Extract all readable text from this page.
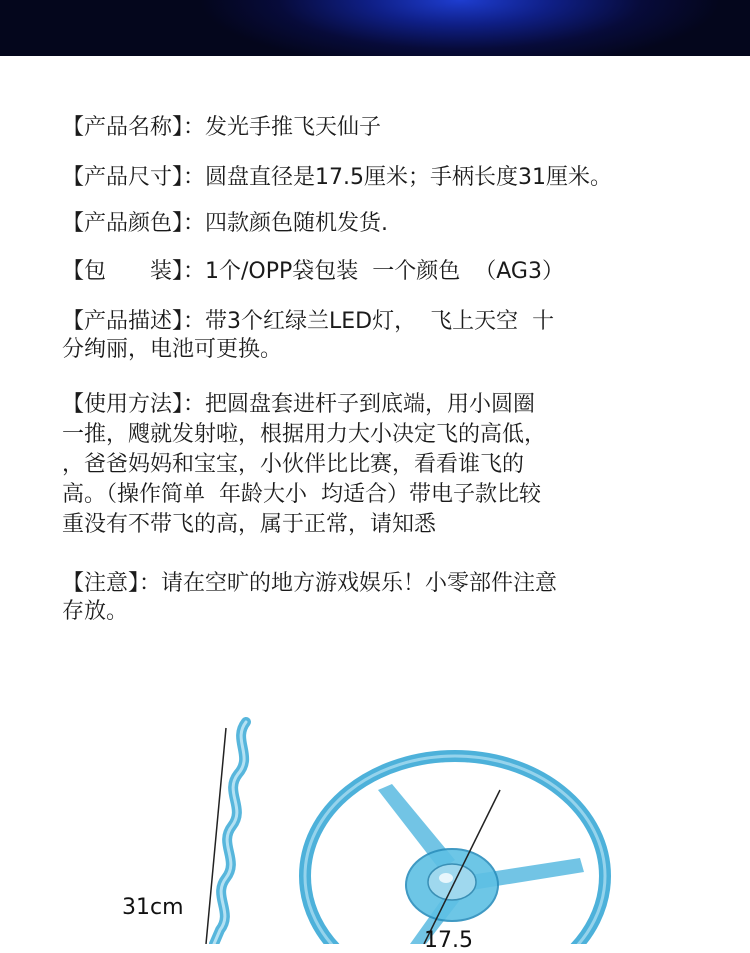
【产品名称】：发光手推飞天仙子
【产品尺寸】：圆盘直径是17.5厘米；手柄长度31厘米。
【产品颜色】：四款颜色随机发货.
【包　　装】：1个/OPP袋包装  一个颜色  （AG3）
【产品描述】：带3个红绿兰LED灯，  飞上天空  十
分绚丽，电池可更换。
【使用方法】：把圆盘套进杆子到底端，用小圆圈
一推，飕就发射啦，根据用力大小决定飞的高低，
，爸爸妈妈和宝宝，小伙伴比比赛，看看谁飞的
高。（操作简单  年龄大小  均适合）带电子款比较
重没有不带飞的高，属于正常，请知悉
【注意】：请在空旷的地方游戏娱乐！小零部件注意
存放。
31cm
17.5
